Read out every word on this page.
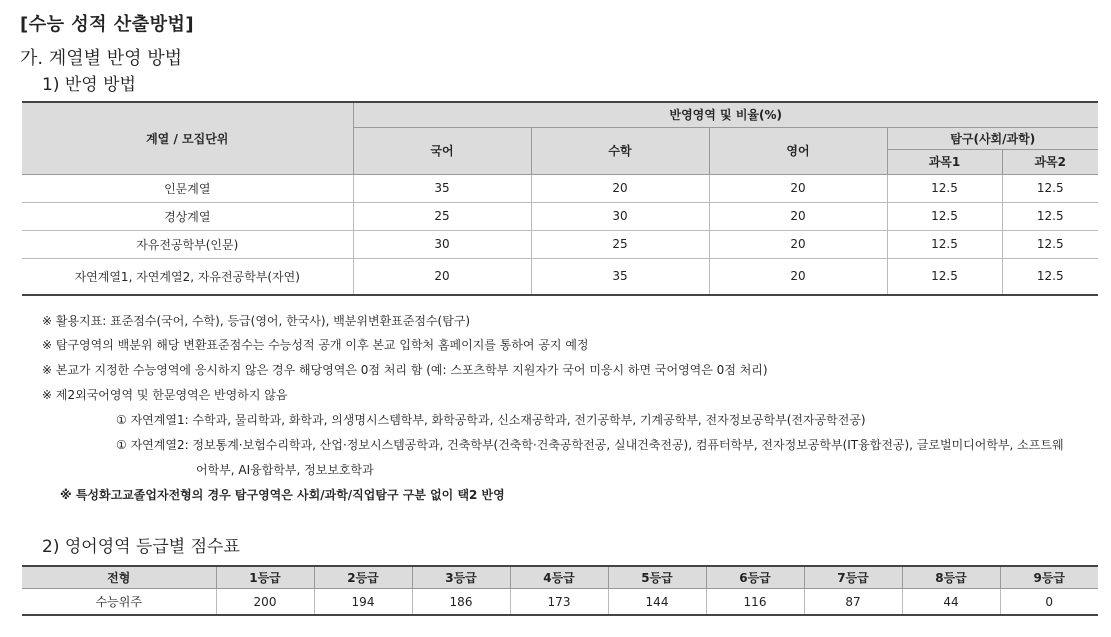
[수능 성적 산출방법]
가. 계열별 반영 방법
1) 반영 방법
계열 / 모집단위	반영영역 및 비율(%)				
	국어	수학	영어	탐구(사회/과학)	
				과목1	과목2
인문계열	35	20	20	12.5	12.5
경상계열	25	30	20	12.5	12.5
자유전공학부(인문)	30	25	20	12.5	12.5
자연계열1, 자연계열2, 자유전공학부(자연)	20	35	20	12.5	12.5
※ 활용지표: 표준점수(국어, 수학), 등급(영어, 한국사), 백분위변환표준점수(탐구)
※ 탐구영역의 백분위 해당 변환표준점수는 수능성적 공개 이후 본교 입학처 홈페이지를 통하여 공지 예정
※ 본교가 지정한 수능영역에 응시하지 않은 경우 해당영역은 0점 처리 함 (예: 스포츠학부 지원자가 국어 미응시 하면 국어영역은 0점 처리)
※ 제2외국어영역 및 한문영역은 반영하지 않음
① 자연계열1: 수학과, 물리학과, 화학과, 의생명시스템학부, 화학공학과, 신소재공학과, 전기공학부, 기계공학부, 전자정보공학부(전자공학전공)
① 자연계열2: 정보통계·보험수리학과, 산업·정보시스템공학과, 건축학부(건축학·건축공학전공, 실내건축전공), 컴퓨터학부, 전자정보공학부(IT융합전공), 글로벌미디어학부, 소프트웨
어학부, AI융합학부, 정보보호학과
※ 특성화고교졸업자전형의 경우 탐구영역은 사회/과학/직업탐구 구분 없이 택2 반영
2) 영어영역 등급별 점수표
전형	1등급	2등급	3등급	4등급	5등급	6등급	7등급	8등급	9등급
수능위주	200	194	186	173	144	116	87	44	0
